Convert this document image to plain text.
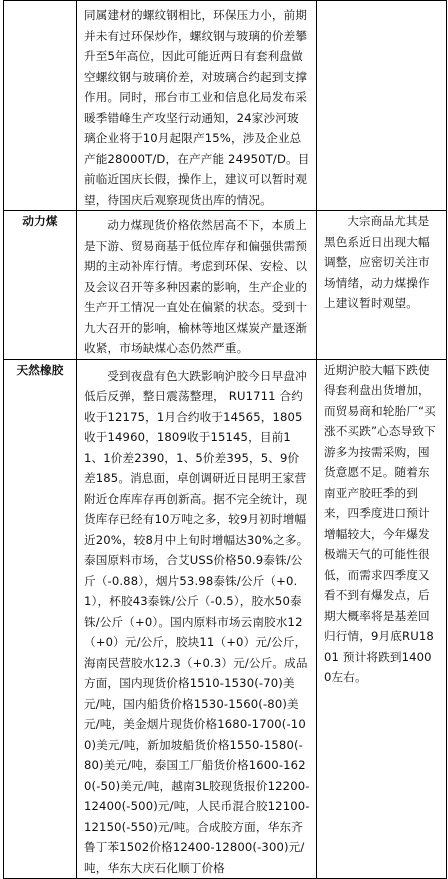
	同属建材的螺纹钢相比，环保压力小，前期并未有过环保炒作，螺纹钢与玻璃的价差攀升至5年高位，因此可能近两日有套利盘做空螺纹钢与玻璃价差，对玻璃合约起到支撑作用。同时，邢台市工业和信息化局发布采暖季错峰生产攻坚行动通知，24家沙河玻璃企业将于10月起限产15%，涉及企业总产能28000T/D，在产产能 24950T/D。目前临近国庆长假，操作上，建议可以暂时观望，待国庆后观察现货出库的情况。	

动力煤	动力煤现货价格依然居高不下，本质上是下游、贸易商基于低位库存和偏强供需预期的主动补库行情。考虑到环保、安检、以及会议召开等多种因素的影响，生产企业的生产开工情况一直处在偏紧的状态。受到十九大召开的影响，榆林等地区煤炭产量逐渐收紧，市场缺煤心态仍然严重。	大宗商品尤其是黑色系近日出现大幅调整，应密切关注市场情绪，动力煤操作上建议暂时观望。

天然橡胶	受到夜盘有色大跌影响沪胶今日早盘冲低后反弹，整日震荡整理， RU1711 合约收于12175，1月合约收于14565，1805收于14960，1809收于15145，目前11、1价差2390，1、5价差395，5、9价差185。消息面，卓创调研近日昆明王家营附近仓库库存再创新高。据不完全统计，现货库存已经有10万吨之多，较9月初时增幅近20%，较8月中上旬时增幅达30%之多。泰国原料市场，合艾USS价格50.9泰铢/公斤（-0.88），烟片53.98泰铢/公斤（+0.1），杯胶43泰铢/公斤（-0.5），胶水50泰铢/公斤（+0）。国内原料市场云南胶水12（+0）元/公斤，胶块11（+0）元/公斤，海南民营胶水12.3（+0.3）元/公斤。成品方面，国内现货价格1510-1530(-70)美元/吨，国内船货价格1530-1560(-80)美元/吨，美金烟片现货价格1680-1700(-100)美元/吨，新加坡船货价格1550-1580(-80)美元/吨，泰国工厂船货价格1600-1620(-50)美元/吨，越南3L胶现货报价12200-12400(-500)元/吨，人民币混合胶12100-12150(-550)元/吨。合成胶方面，华东齐鲁丁苯1502价格12400-12800(-300)元/吨，华东大庆石化顺丁价格	近期沪胶大幅下跌使得套利盘出货增加，而贸易商和轮胎厂“买涨不买跌”心态导致下游多为按需采购，囤货意愿不足。随着东南亚产胶旺季的到来，四季度进口预计增幅较大，今年爆发极端天气的可能性很低，而需求四季度又看不到有爆发点，后期大概率将是基差回归行情，9月底RU1801 预计将跌到14000左右。
